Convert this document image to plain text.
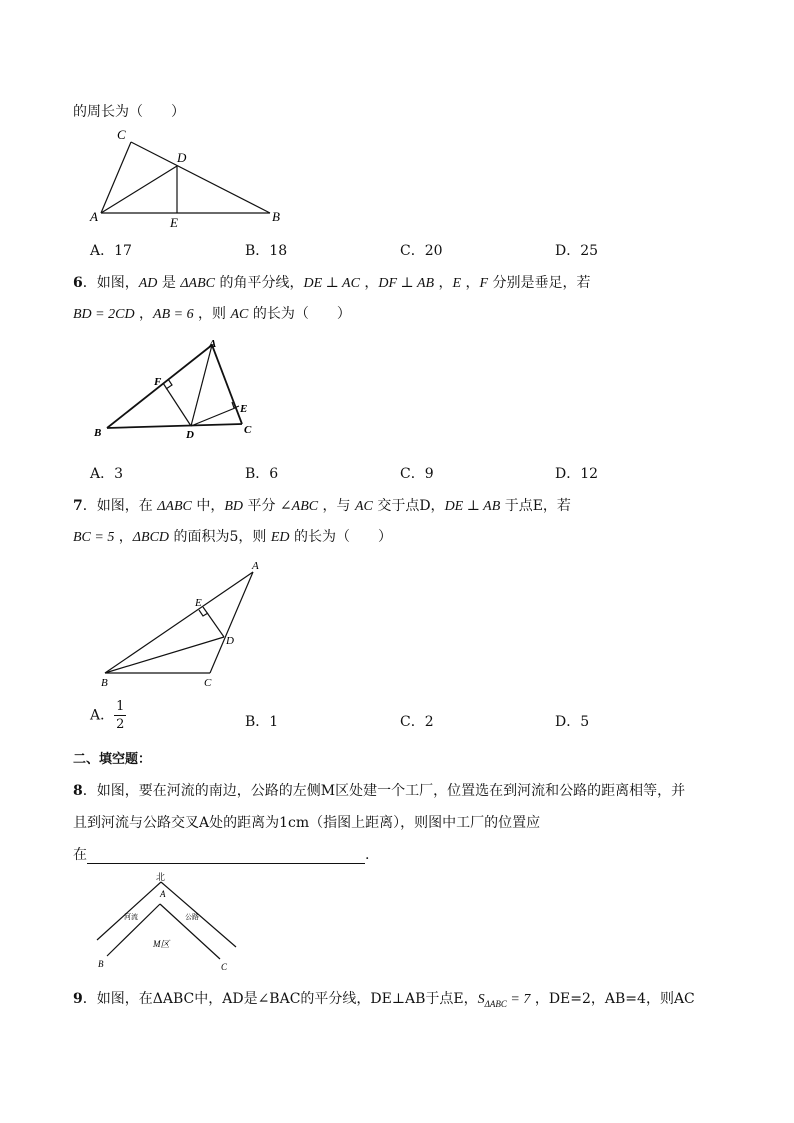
的周长为（　　）
C
D
A	E	B
A．17	B．18	C．20	D．25
6．如图，AD 是 ΔABC 的角平分线，DE ⊥ AC ，DF ⊥ AB ，E ，F 分别是垂足，若
BD = 2CD ，AB = 6 ，则 AC 的长为（　　）
A
F
E
B	D	C
A．3	B．6	C．9	D．12
7．如图，在 ΔABC 中，BD 平分 ∠ABC ，与 AC 交于点D，DE ⊥ AB 于点E，若
BC = 5 ，ΔBCD 的面积为5，则 ED 的长为（　　）
A
E
D
B	C
A． $\frac{1}{2}$	B．1	C．2	D．5
二、填空题：
8．如图，要在河流的南边，公路的左侧M区处建一个工厂，位置选在到河流和公路的距离相等，并
且到河流与公路交叉A处的距离为1cm（指图上距离），则图中工厂的位置应
在	.
北
A
河流	公路
M区
B	C
9．如图，在ΔABC中，AD是∠BAC的平分线，DE⊥AB于点E，$S_{\Delta ABC} = 7$ ，DE=2，AB=4，则AC
